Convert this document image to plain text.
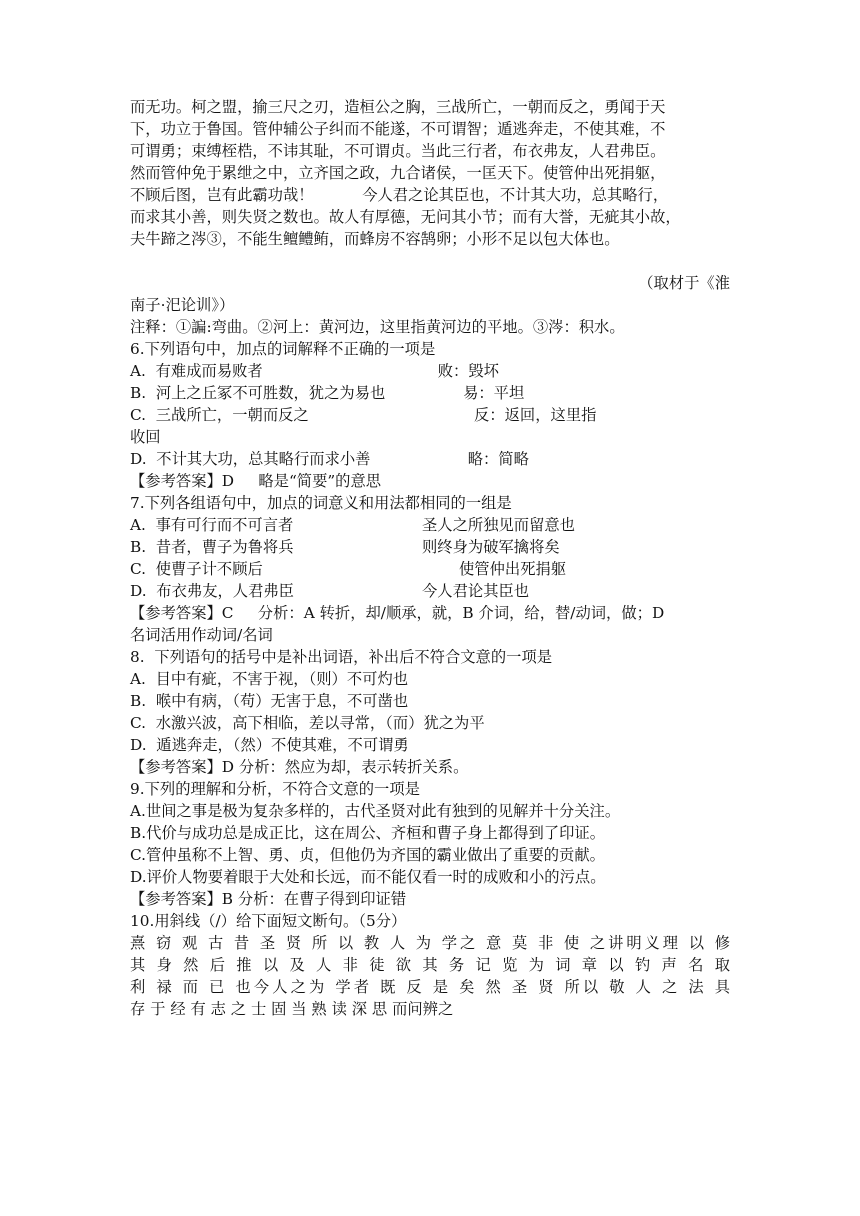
而无功。柯之盟，揄三尺之刃，造桓公之胸，三战所亡，一朝而反之，勇闻于天

下，功立于鲁国。管仲辅公子纠而不能遂，不可谓智；遁逃奔走，不使其难，不

可谓勇；束缚桎梏，不讳其耻，不可谓贞。当此三行者，布衣弗友，人君弗臣。

然而管仲免于累绁之中，立齐国之政，九合诸侯，一匡天下。使管仲出死捐躯，

不顾后图，岂有此霸功哉！          今人君之论其臣也，不计其大功，总其略行，

而求其小善，则失贤之数也。故人有厚德，无问其小节；而有大誉，无疵其小故，

夫牛蹄之涔③，不能生鳣鳢鲔，而蜂房不容鹄卵；小形不足以包大体也。

（取材于《淮

南子·汜论训》）

注释：①諞:弯曲。②河上：黄河边，这里指黄河边的平地。③涔：积水。

6.下列语句中，加点的词解释不正确的一项是

A.  有难成而易败者                                    败：毁坏

B.  河上之丘冢不可胜数，犹之为易也                易：平坦

C.  三战所亡，一朝而反之                                  反：返回，这里指

收回

D.  不计其大功，总其略行而求小善                    略：简略

【参考答案】D     略是“简要”的意思

7.下列各组语句中，加点的词意义和用法都相同的一组是

A.  事有可行而不可言者	圣人之所独见而留意也
B.  昔者，曹子为鲁将兵	则终身为破军擒将矣
C.  使曹子计不顾后	使管仲出死捐躯
D.  布衣弗友，人君弗臣	今人君论其臣也

【参考答案】C     分析：A 转折，却/顺承，就，B 介词，给，替/动词，做；D

名词活用作动词/名词

8.  下列语句的括号中是补出词语，补出后不符合文意的一项是

A.  目中有疵，不害于视，（则）不可灼也

B.  喉中有病，（苟）无害于息，不可凿也

C.  水激兴波，高下相临，差以寻常，（而）犹之为平

D.  遁逃奔走，（然）不使其难，不可谓勇

【参考答案】D 分析：然应为却，表示转折关系。

9.下列的理解和分析，不符合文意的一项是

A.世间之事是极为复杂多样的，古代圣贤对此有独到的见解并十分关注。

B.代价与成功总是成正比，这在周公、齐桓和曹子身上都得到了印证。

C.管仲虽称不上智、勇、贞，但他仍为齐国的霸业做出了重要的贡献。

D.评价人物要着眼于大处和长远，而不能仅看一时的成败和小的污点。

【参考答案】B 分析：在曹子得到印证错

10.用斜线（/）给下面短文断句。（5分）

熹 窃 观 古 昔 圣 贤 所 以 教 人 为 学之 意 莫 非 使 之讲明义理 以 修

其 身 然 后 推 以 及 人 非 徒 欲 其 务 记 览 为 词 章 以 钓 声 名 取

利 禄 而 已 也今人之为 学者 既 反 是 矣 然 圣 贤 所以 敬 人 之 法 具

存 于 经 有 志 之 士 固 当 熟 读 深 思 而问辨之
